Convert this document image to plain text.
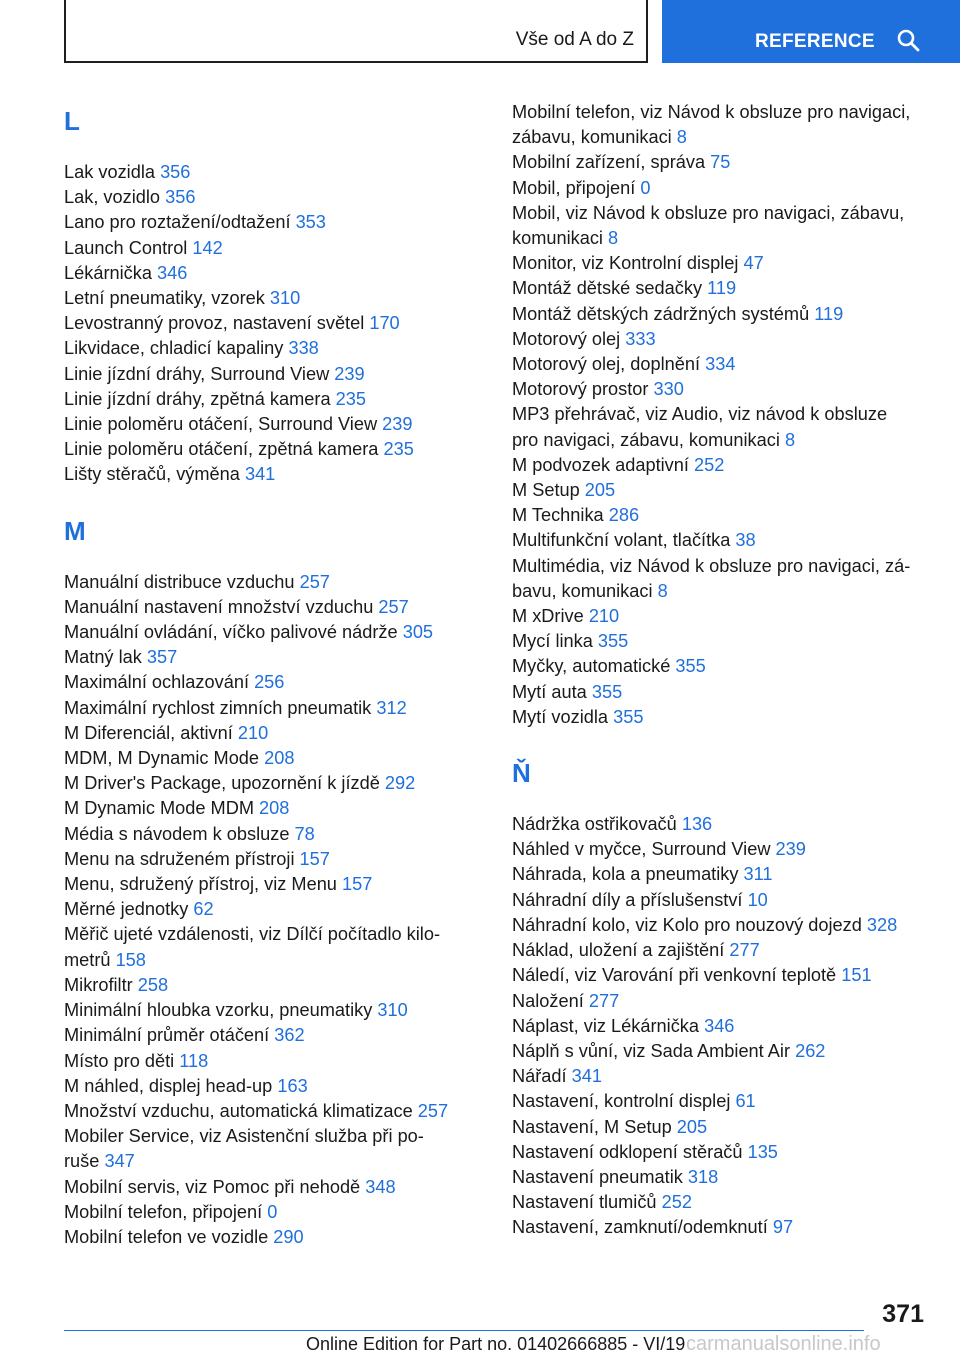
Vše od A do Z	REFERENCE
L
Lak vozidla 356
Lak, vozidlo 356
Lano pro roztažení/odtažení 353
Launch Control 142
Lékárnička 346
Letní pneumatiky, vzorek 310
Levostranný provoz, nastavení světel 170
Likvidace, chladicí kapaliny 338
Linie jízdní dráhy, Surround View 239
Linie jízdní dráhy, zpětná kamera 235
Linie poloměru otáčení, Surround View 239
Linie poloměru otáčení, zpětná kamera 235
Lišty stěračů, výměna 341
M
Manuální distribuce vzduchu 257
Manuální nastavení množství vzduchu 257
Manuální ovládání, víčko palivové nádrže 305
Matný lak 357
Maximální ochlazování 256
Maximální rychlost zimních pneumatik 312
M Diferenciál, aktivní 210
MDM, M Dynamic Mode 208
M Driver's Package, upozornění k jízdě 292
M Dynamic Mode MDM 208
Média s návodem k obsluze 78
Menu na sdruženém přístroji 157
Menu, sdružený přístroj, viz Menu 157
Měrné jednotky 62
Měřič ujeté vzdálenosti, viz Dílčí počítadlo kilo-
metrů 158
Mikrofiltr 258
Minimální hloubka vzorku, pneumatiky 310
Minimální průměr otáčení 362
Místo pro děti 118
M náhled, displej head-up 163
Množství vzduchu, automatická klimatizace 257
Mobiler Service, viz Asistenční služba při po-
ruše 347
Mobilní servis, viz Pomoc při nehodě 348
Mobilní telefon, připojení 0
Mobilní telefon ve vozidle 290
Mobilní telefon, viz Návod k obsluze pro navigaci,
zábavu, komunikaci 8
Mobilní zařízení, správa 75
Mobil, připojení 0
Mobil, viz Návod k obsluze pro navigaci, zábavu,
komunikaci 8
Monitor, viz Kontrolní displej 47
Montáž dětské sedačky 119
Montáž dětských zádržných systémů 119
Motorový olej 333
Motorový olej, doplnění 334
Motorový prostor 330
MP3 přehrávač, viz Audio, viz návod k obsluze
pro navigaci, zábavu, komunikaci 8
M podvozek adaptivní 252
M Setup 205
M Technika 286
Multifunkční volant, tlačítka 38
Multimédia, viz Návod k obsluze pro navigaci, zá-
bavu, komunikaci 8
M xDrive 210
Mycí linka 355
Myčky, automatické 355
Mytí auta 355
Mytí vozidla 355
Ň
Nádržka ostřikovačů 136
Náhled v myčce, Surround View 239
Náhrada, kola a pneumatiky 311
Náhradní díly a příslušenství 10
Náhradní kolo, viz Kolo pro nouzový dojezd 328
Náklad, uložení a zajištění 277
Náledí, viz Varování při venkovní teplotě 151
Naložení 277
Náplast, viz Lékárnička 346
Náplň s vůní, viz Sada Ambient Air 262
Nářadí 341
Nastavení, kontrolní displej 61
Nastavení, M Setup 205
Nastavení odklopení stěračů 135
Nastavení pneumatik 318
Nastavení tlumičů 252
Nastavení, zamknutí/odemknutí 97
371
Online Edition for Part no. 01402666885 - VI/19 carmanualsonline.info
